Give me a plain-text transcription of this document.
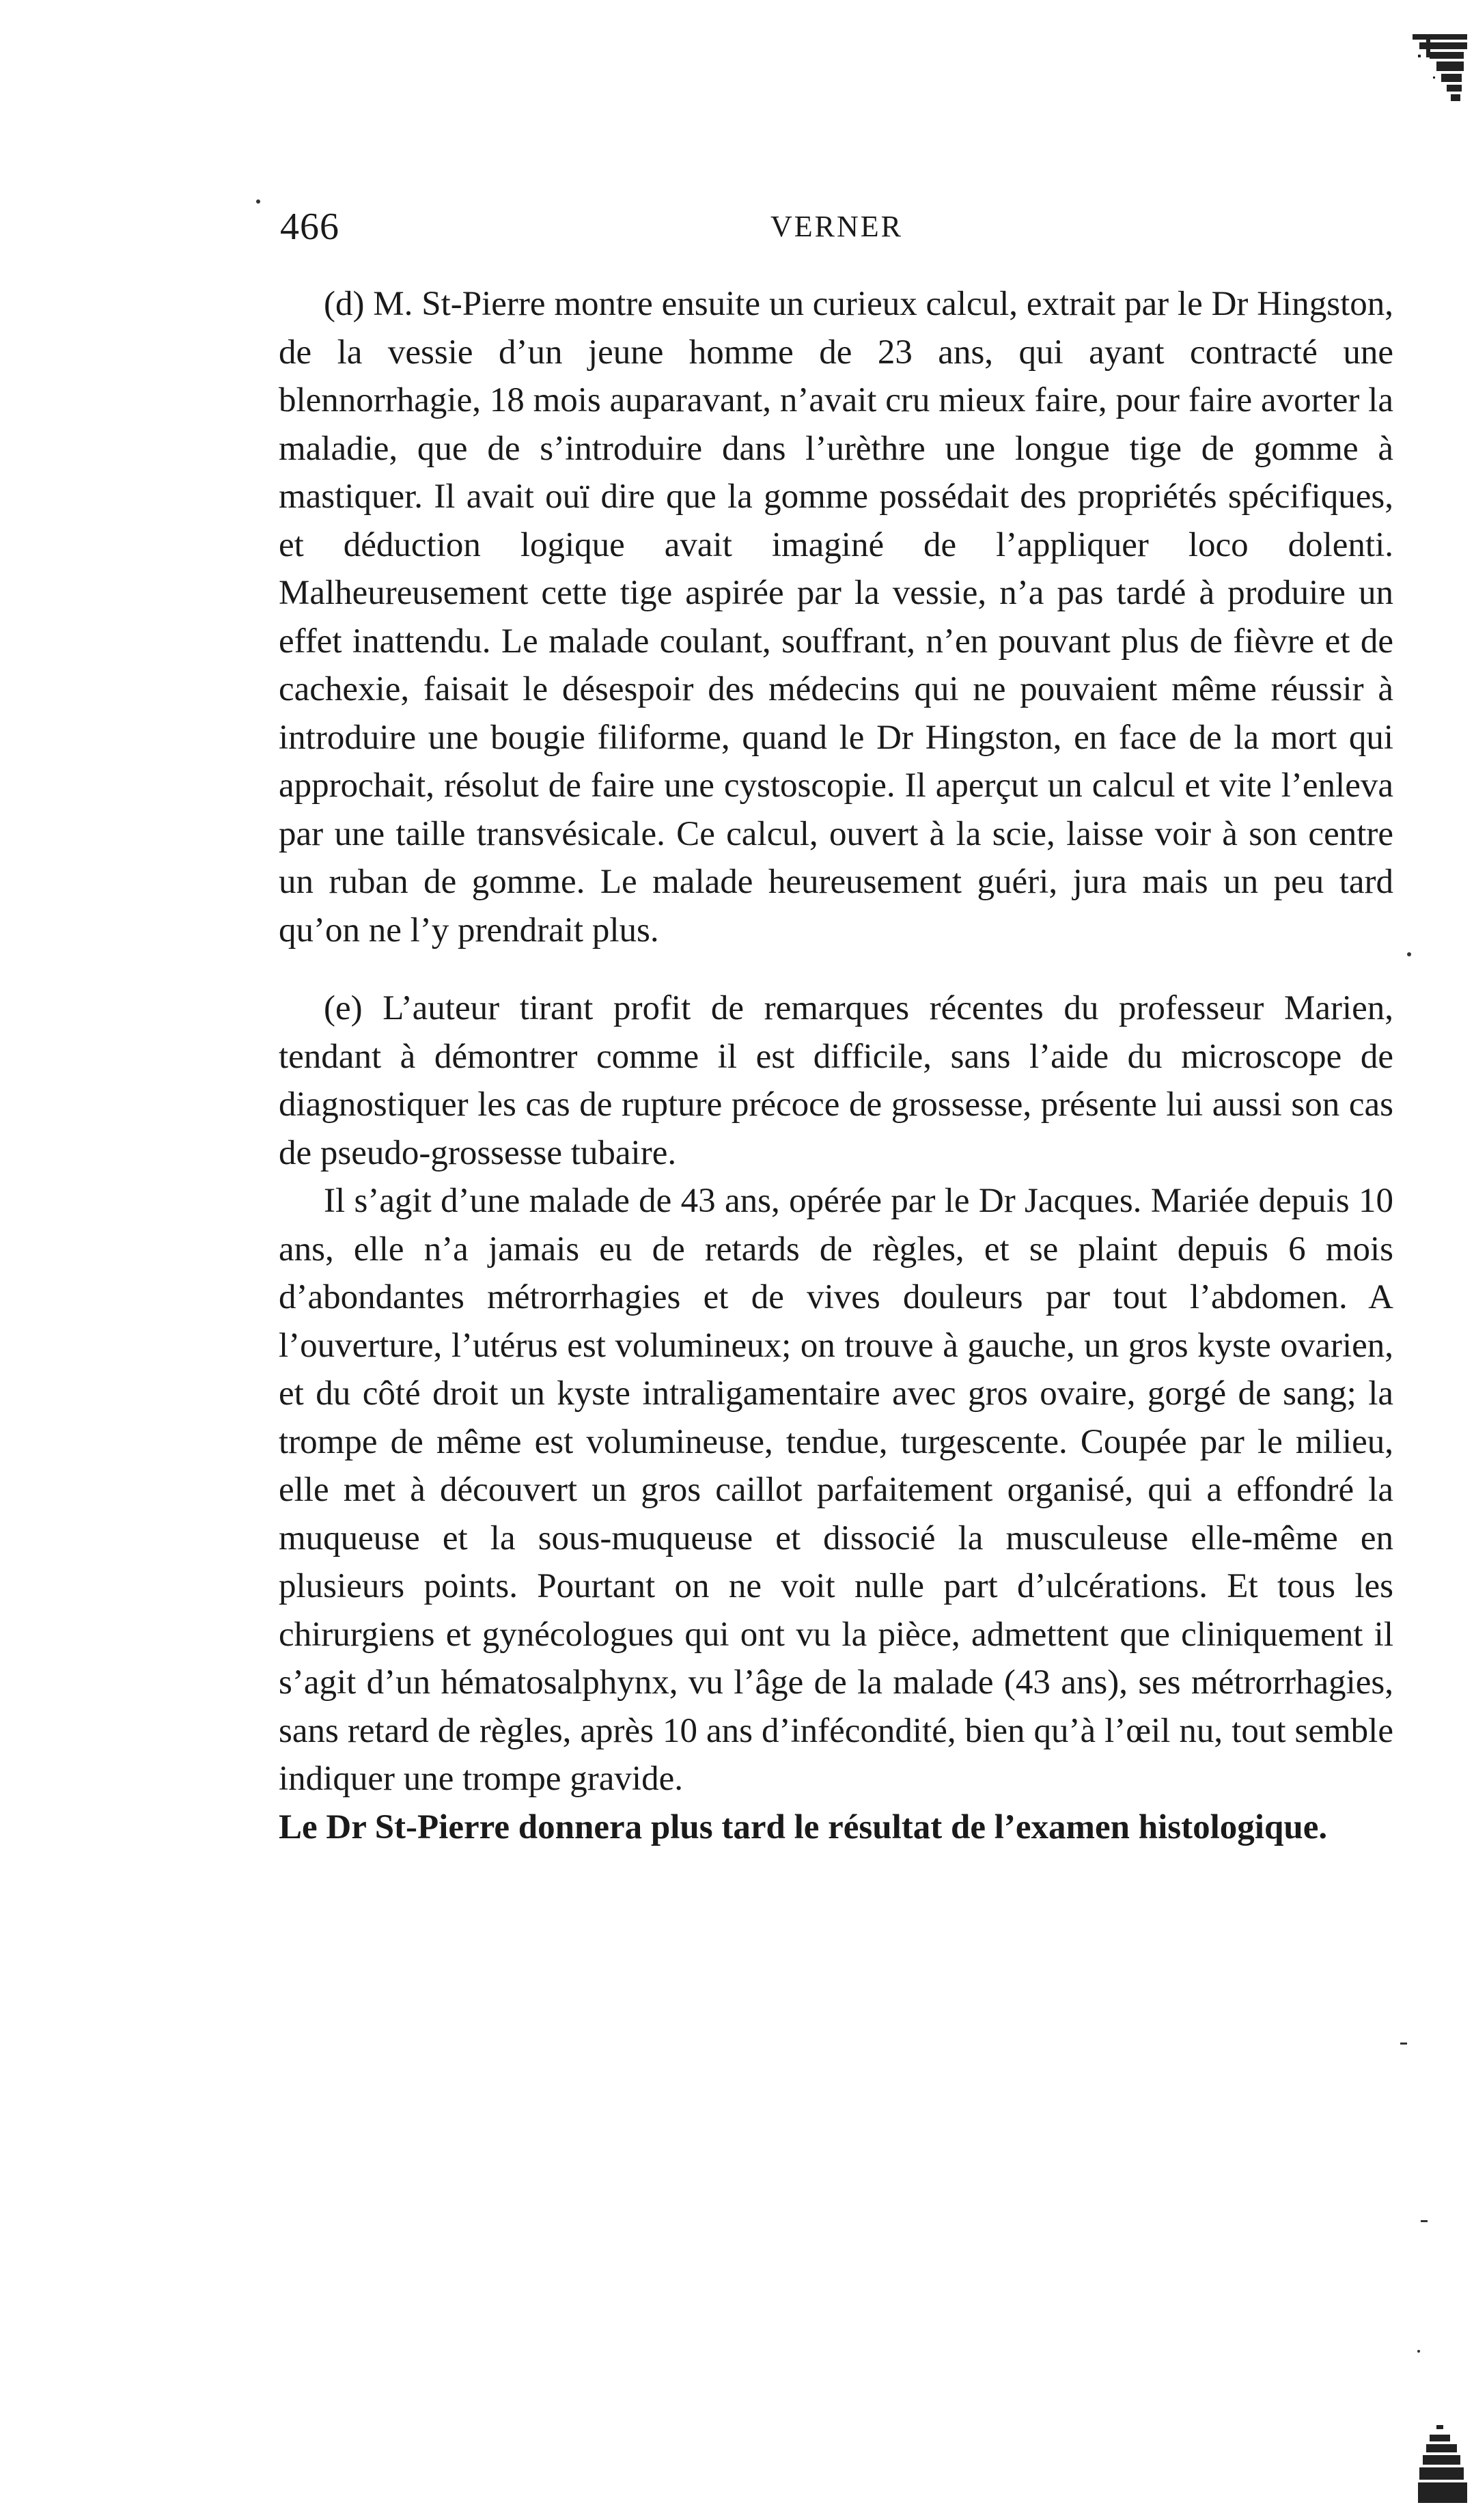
466	VERNER

(d) M. St-Pierre montre ensuite un curieux calcul, extrait par le Dr Hingston, de la vessie d’un jeune homme de 23 ans, qui ayant contracté une blennorrhagie, 18 mois auparavant, n’avait cru mieux faire, pour faire avorter la maladie, que de s’introduire dans l’urèthre une longue tige de gomme à mastiquer. Il avait ouï dire que la gomme possédait des propriétés spécifiques, et déduction logique avait imaginé de l’appliquer loco dolenti. Malheureusement cette tige aspirée par la vessie, n’a pas tardé à produire un effet inattendu. Le malade coulant, souffrant, n’en pouvant plus de fièvre et de cachexie, faisait le désespoir des médecins qui ne pouvaient même réussir à introduire une bougie filiforme, quand le Dr Hingston, en face de la mort qui approchait, résolut de faire une cystoscopie. Il aperçut un calcul et vite l’enleva par une taille transvésicale. Ce calcul, ouvert à la scie, laisse voir à son centre un ruban de gomme. Le malade heureusement guéri, jura mais un peu tard qu’on ne l’y prendrait plus.

(e) L’auteur tirant profit de remarques récentes du professeur Marien, tendant à démontrer comme il est difficile, sans l’aide du microscope de diagnostiquer les cas de rupture précoce de grossesse, présente lui aussi son cas de pseudo-grossesse tubaire.

Il s’agit d’une malade de 43 ans, opérée par le Dr Jacques. Mariée depuis 10 ans, elle n’a jamais eu de retards de règles, et se plaint depuis 6 mois d’abondantes métrorrhagies et de vives douleurs par tout l’abdomen. A l’ouverture, l’utérus est volumineux; on trouve à gauche, un gros kyste ovarien, et du côté droit un kyste intraligamentaire avec gros ovaire, gorgé de sang; la trompe de même est volumineuse, tendue, turgescente. Coupée par le milieu, elle met à découvert un gros caillot parfaitement organisé, qui a effondré la muqueuse et la sous-muqueuse et dissocié la musculeuse elle-même en plusieurs points. Pourtant on ne voit nulle part d’ulcérations. Et tous les chirurgiens et gynécologues qui ont vu la pièce, admettent que cliniquement il s’agit d’un hématosalphynx, vu l’âge de la malade (43 ans), ses métrorrhagies, sans retard de règles, après 10 ans d’infécondité, bien qu’à l’œil nu, tout semble indiquer une trompe gravide.

Le Dr St-Pierre donnera plus tard le résultat de l’examen histologique.
